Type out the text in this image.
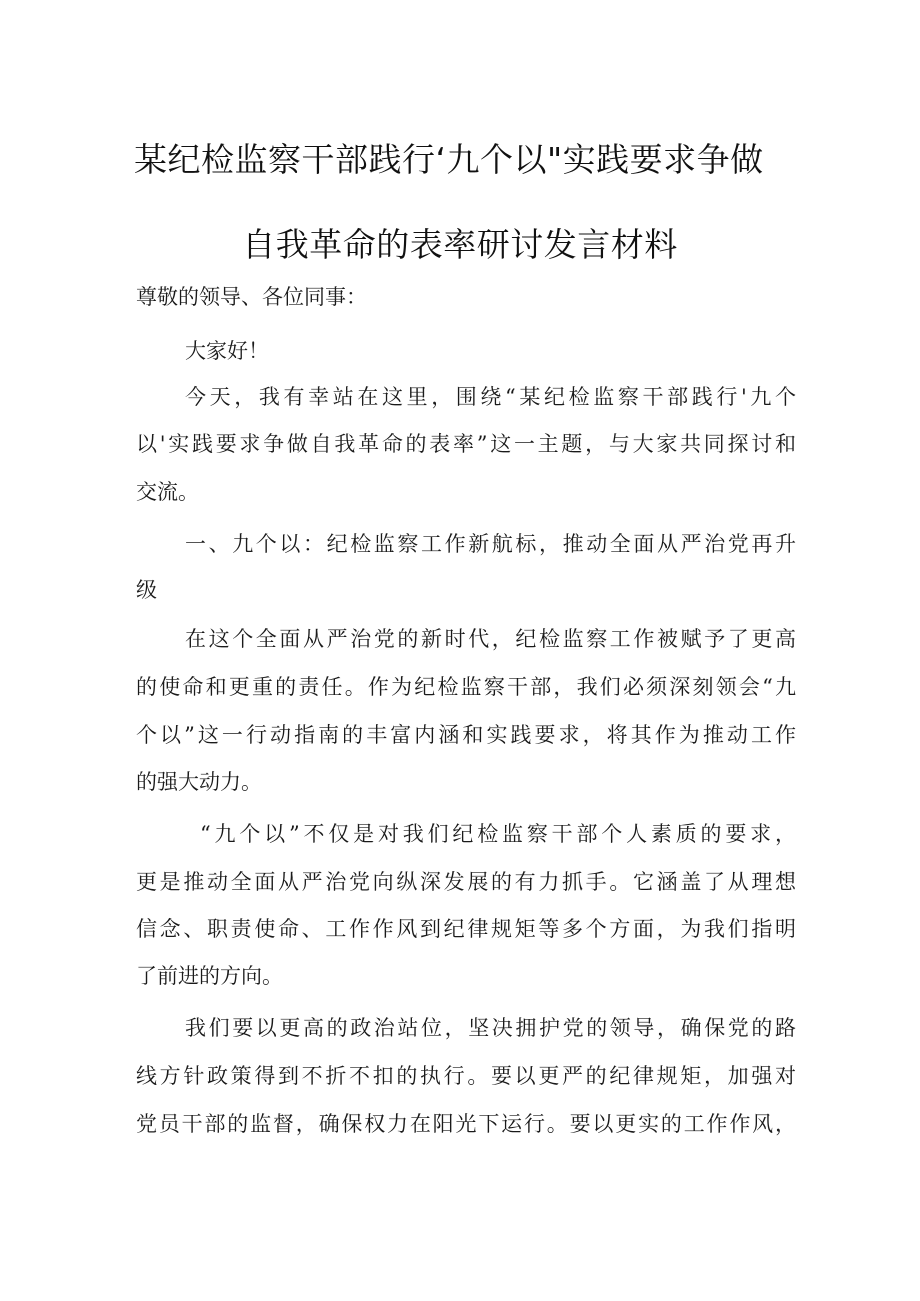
某纪检监察干部践行‘九个以"实践要求争做
自我革命的表率研讨发言材料
尊敬的领导、各位同事：
大家好！
今天，我有幸站在这里，围绕“某纪检监察干部践行'九个
以'实践要求争做自我革命的表率”这一主题，与大家共同探讨和
交流。
一、九个以：纪检监察工作新航标，推动全面从严治党再升
级
在这个全面从严治党的新时代，纪检监察工作被赋予了更高
的使命和更重的责任。作为纪检监察干部，我们必须深刻领会“九
个以”这一行动指南的丰富内涵和实践要求，将其作为推动工作
的强大动力。
“九个以”不仅是对我们纪检监察干部个人素质的要求，
更是推动全面从严治党向纵深发展的有力抓手。它涵盖了从理想
信念、职责使命、工作作风到纪律规矩等多个方面，为我们指明
了前进的方向。
我们要以更高的政治站位，坚决拥护党的领导，确保党的路
线方针政策得到不折不扣的执行。要以更严的纪律规矩，加强对
党员干部的监督，确保权力在阳光下运行。要以更实的工作作风，
